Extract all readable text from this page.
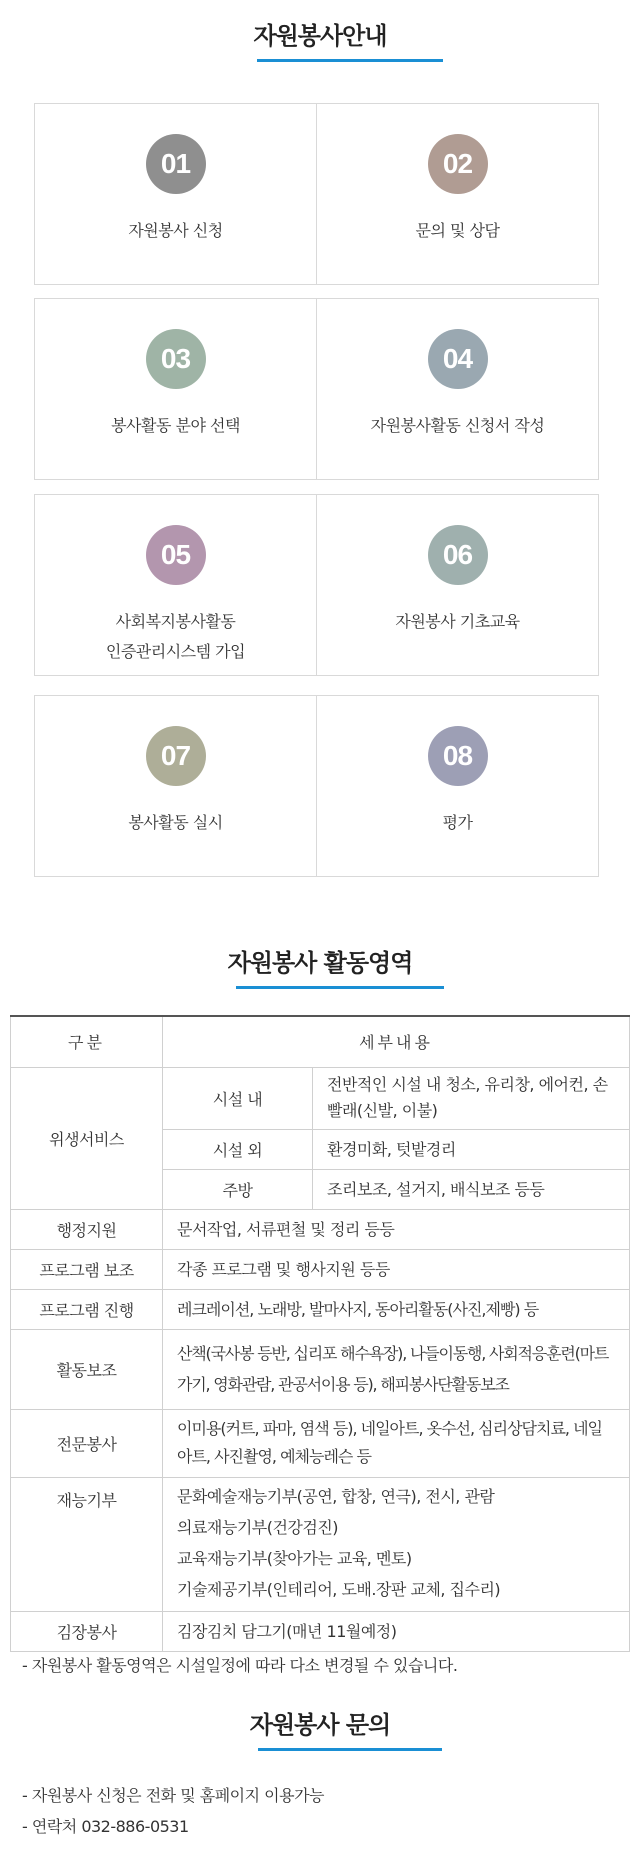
자원봉사안내
01
자원봉사 신청
02
문의 및 상담
03
봉사활동 분야 선택
04
자원봉사활동 신청서 작성
05
사회복지봉사활동
인증관리시스템 가입
06
자원봉사 기초교육
07
봉사활동 실시
08
평가
자원봉사 활동영역
구분	세부내용	
위생서비스	시설 내	전반적인 시설 내 청소, 유리창, 에어컨, 손빨래(신발, 이불)
	시설 외	환경미화, 텃밭경리
	주방	조리보조, 설거지, 배식보조 등등
행정지원	문서작업, 서류편철 및 정리 등등	
프로그램 보조	각종 프로그램 및 행사지원 등등	
프로그램 진행	레크레이션, 노래방, 발마사지, 동아리활동(사진,제빵) 등	
활동보조	산책(국사봉 등반, 십리포 해수욕장), 나들이동행, 사회적응훈련(마트가기, 영화관람, 관공서이용 등), 해피봉사단활동보조	
전문봉사	이미용(커트, 파마, 염색 등), 네일아트, 옷수선, 심리상담치료, 네일아트, 사진촬영, 예체능레슨 등	
재능기부	문화예술재능기부(공연, 합창, 연극), 전시, 관람
의료재능기부(건강검진)
교육재능기부(찾아가는 교육, 멘토)
기술제공기부(인테리어, 도배.장판 교체, 집수리)	
김장봉사	김장김치 담그기(매년 11월예정)	
- 자원봉사 활동영역은 시설일정에 따라 다소 변경될 수 있습니다.
자원봉사 문의
- 자원봉사 신청은 전화 및 홈페이지 이용가능
- 연락처 032-886-0531
